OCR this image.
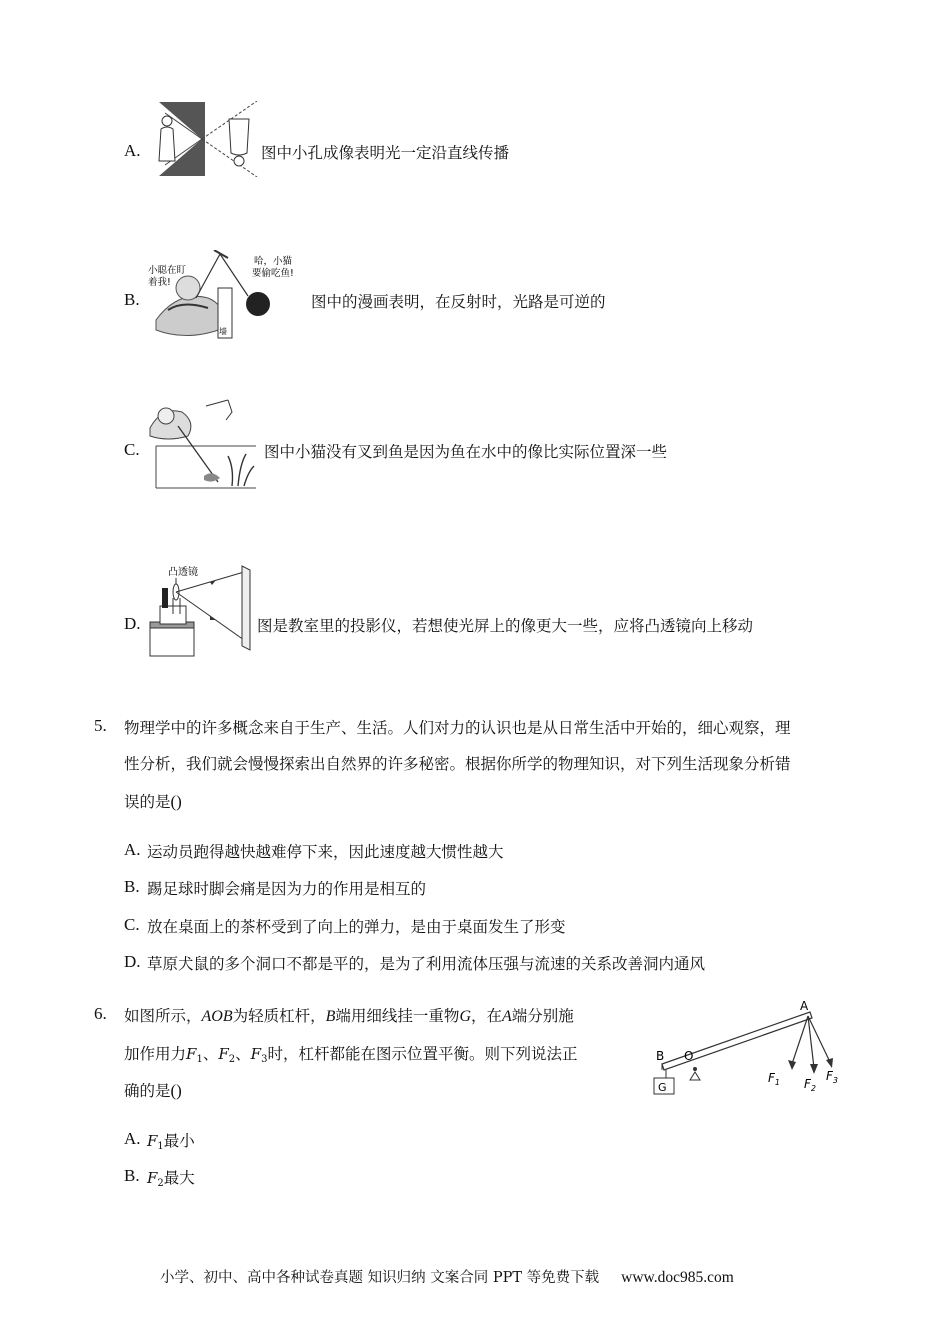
A.	图中小孔成像表明光一定沿直线传播
B.
墙
小聪在盯
着我!
哈，小猫
要偷吃鱼!
图中的漫画表明，在反射时，光路是可逆的
C.	图中小猫没有叉到鱼是因为鱼在水中的像比实际位置深一些
D.
凸透镜
图是教室里的投影仪，若想使光屏上的像更大一些，应将凸透镜向上移动
5. 物理学中的许多概念来自于生产、生活。人们对力的认识也是从日常生活中开始的，细心观察，理
性分析，我们就会慢慢探索出自然界的许多秘密。根据你所学的物理知识，对下列生活现象分析错
误的是()
A. 运动员跑得越快越难停下来，因此速度越大惯性越大
B. 踢足球时脚会痛是因为力的作用是相互的
C. 放在桌面上的茶杯受到了向上的弹力，是由于桌面发生了形变
D. 草原犬鼠的多个洞口不都是平的，是为了利用流体压强与流速的关系改善洞内通风
6. 如图所示，AOB为轻质杠杆，B端用细线挂一重物G，在A端分别施
加作用力$F_1$、$F_2$、$F_3$时，杠杆都能在图示位置平衡。则下列说法正
确的是()
A. $F_1$最小
B. $F_2$最大
G
B O
A
$F_1$ $F_2$
$F_3$
小学、初中、高中各种试卷真题 知识归纳 文案合同 PPT 等免费下载 www.doc985.com
